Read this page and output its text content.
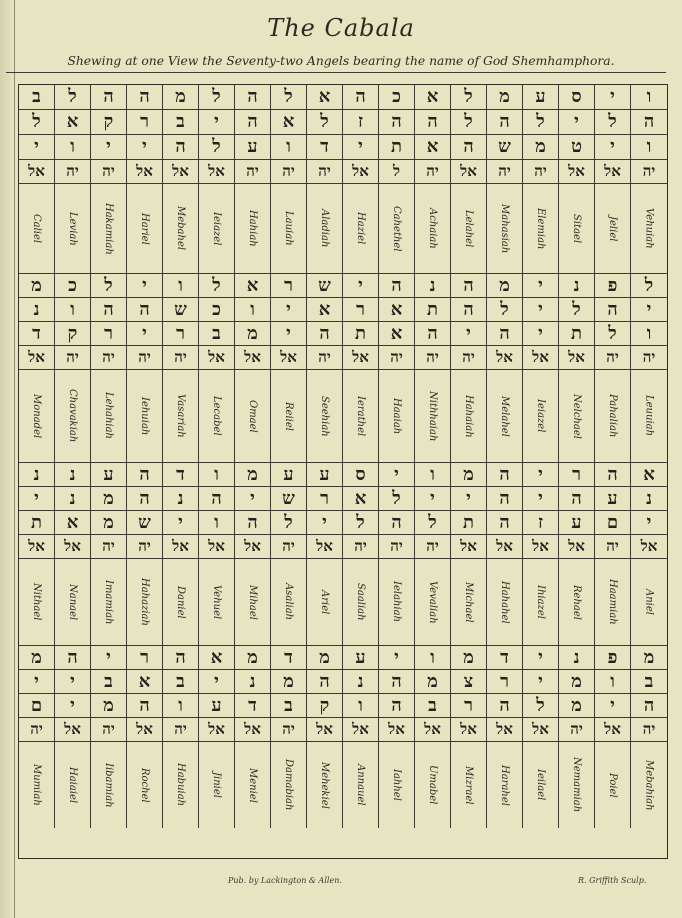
The Cabala
Shewing at one View the Seventy-two Angels bearing the name of God Shemhamphora.
ב ל ה ה מ ל ה ל א ה כ א ל מ ע ס י ו
ל א ק ר ב י ה א ל ז ה ה ל ה ל י ל ה
י ו י י ה ל ע ו ד י ת א ה ש מ ט י ו
אל יה יה אל אל אל יה יה יה אל ל יה אל יה יה אל אל יה
Caliel	Leviah	Hakamiah	Hariel	Mebahel	Ieiazel	Hahiah	Lauiah	Aladiah	Haziel	Cahethel	Achaiah	Lelahel	Mahasiah	Elemiah	Sitael	Jeliel	Vehuiah
מ כ ל י ו ל א ר ש י ה נ ה מ י נ פ ל
נ ו ה ה ש כ ו י א ר א ת ה ל י ל ה י
ד ק ר י ר ב מ י ה ת א ה י ה י ת ל ו
אל יה יה יה יה אל אל אל יה אל יה יה יה אל אל אל יה יה
Monadel	Chavakiah	Lehahiah	Iehuiah	Vasariah	Lecabel	Omael	Reiiel	Seehiah	Ierathel	Haaiah	Nithhaiah	Hahaiah	Melahel	Ieiazel	Nelchael	Pahaliah	Leuuiah
נ נ ע ה ד ו מ ע ע ס י ו מ ה י ר ה א
י נ מ ה נ ה י ש ר א ל י י ה י ה ע נ
ת א מ ש י ו ה ל י ל ה ל ת ה ז ע ם י
אל אל יה יה אל אל אל יה אל יה יה יה אל אל אל אל יה אל
Nithael	Nanael	Imamiah	Hahaziah	Daniel	Vehuel	Mihael	Asaliah	Ariel	Saaliah	Ielahiah	Vevaliah	Michael	Hahahel	Ihiazel	Rehael	Haamiah	Aniel
מ ה י ר ה א מ ד מ ע י ו מ ד י נ פ מ
י י ב א ב י נ מ ה נ ה מ צ ר י מ ו ב
ם י מ ה ו ע ד ב ק ו ה ב ר ה ל מ י ה
יה אל יה אל יה אל אל יה אל אל אל אל אל אל אל יה אל יה
Mumiah	Haiaiel	Iibamiah	Rochel	Habuiah	Jiniel	Meniel	Damabiah	Mehekiel	Annauel	Iahhel	Umabel	Mizrael	Harahel	Ieilael	Nemamiah	Poiel	Mebahiah
Pub. by Lackington & Allen.	R. Griffith Sculp.
